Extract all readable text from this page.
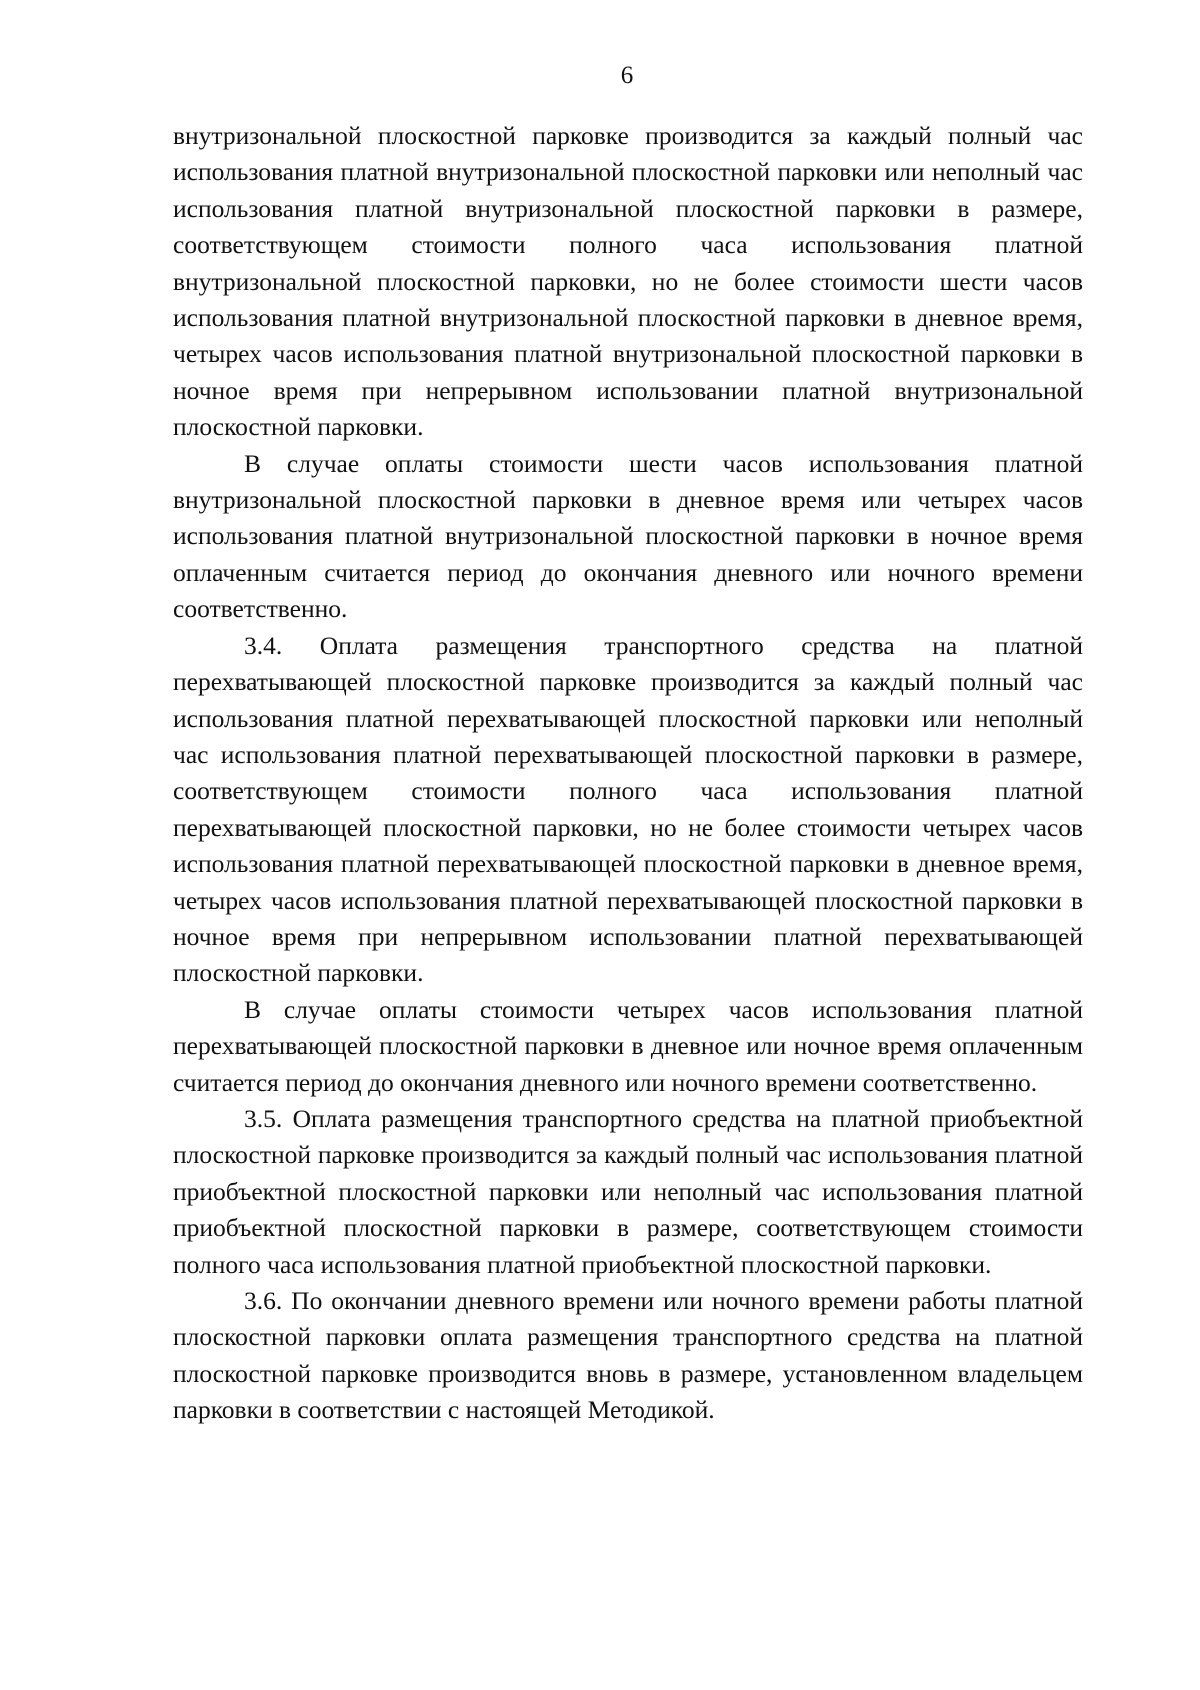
6

внутризональной плоскостной парковке производится за каждый полный час использования платной внутризональной плоскостной парковки или неполный час использования платной внутризональной плоскостной парковки в размере, соответствующем стоимости полного часа использования платной внутризональной плоскостной парковки, но не более стоимости шести часов использования платной внутризональной плоскостной парковки в дневное время, четырех часов использования платной внутризональной плоскостной парковки в ночное время при непрерывном использовании платной внутризональной плоскостной парковки.

В случае оплаты стоимости шести часов использования платной внутризональной плоскостной парковки в дневное время или четырех часов использования платной внутризональной плоскостной парковки в ночное время оплаченным считается период до окончания дневного или ночного времени соответственно.

3.4. Оплата размещения транспортного средства на платной перехватывающей плоскостной парковке производится за каждый полный час использования платной перехватывающей плоскостной парковки или неполный час использования платной перехватывающей плоскостной парковки в размере, соответствующем стоимости полного часа использования платной перехватывающей плоскостной парковки, но не более стоимости четырех часов использования платной перехватывающей плоскостной парковки в дневное время, четырех часов использования платной перехватывающей плоскостной парковки в ночное время при непрерывном использовании платной перехватывающей плоскостной парковки.

В случае оплаты стоимости четырех часов использования платной перехватывающей плоскостной парковки в дневное или ночное время оплаченным считается период до окончания дневного или ночного времени соответственно.

3.5. Оплата размещения транспортного средства на платной приобъектной плоскостной парковке производится за каждый полный час использования платной приобъектной плоскостной парковки или неполный час использования платной приобъектной плоскостной парковки в размере, соответствующем стоимости полного часа использования платной приобъектной плоскостной парковки.

3.6. По окончании дневного времени или ночного времени работы платной плоскостной парковки оплата размещения транспортного средства на платной плоскостной парковке производится вновь в размере, установленном владельцем парковки в соответствии с настоящей Методикой.
